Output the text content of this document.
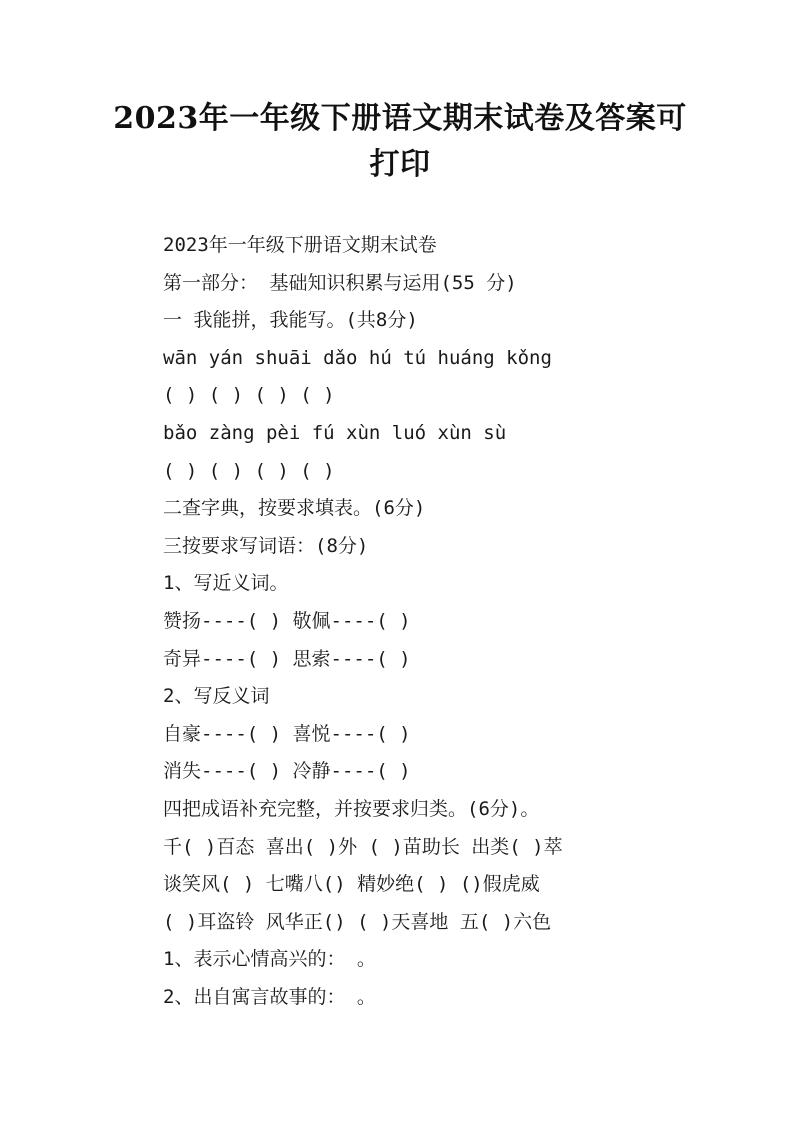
2023年一年级下册语文期末试卷及答案可
打印
2023年一年级下册语文期末试卷
第一部分： 基础知识积累与运用(55 分)
一 我能拼，我能写。(共8分)
wān yán shuāi dǎo hú tú huáng kǒng
( ) ( ) ( ) ( )
bǎo zàng pèi fú xùn luó xùn sù
( ) ( ) ( ) ( )
二查字典，按要求填表。(6分)
三按要求写词语：(8分)
1、写近义词。
赞扬----( ) 敬佩----( )
奇异----( ) 思索----( )
2、写反义词
自豪----( ) 喜悦----( )
消失----( ) 冷静----( )
四把成语补充完整，并按要求归类。(6分)。
千( )百态 喜出( )外 ( )苗助长 出类( )萃
谈笑风( ) 七嘴八() 精妙绝( ) ()假虎威
( )耳盗铃 风华正() ( )天喜地 五( )六色
1、表示心情高兴的： 。
2、出自寓言故事的： 。
